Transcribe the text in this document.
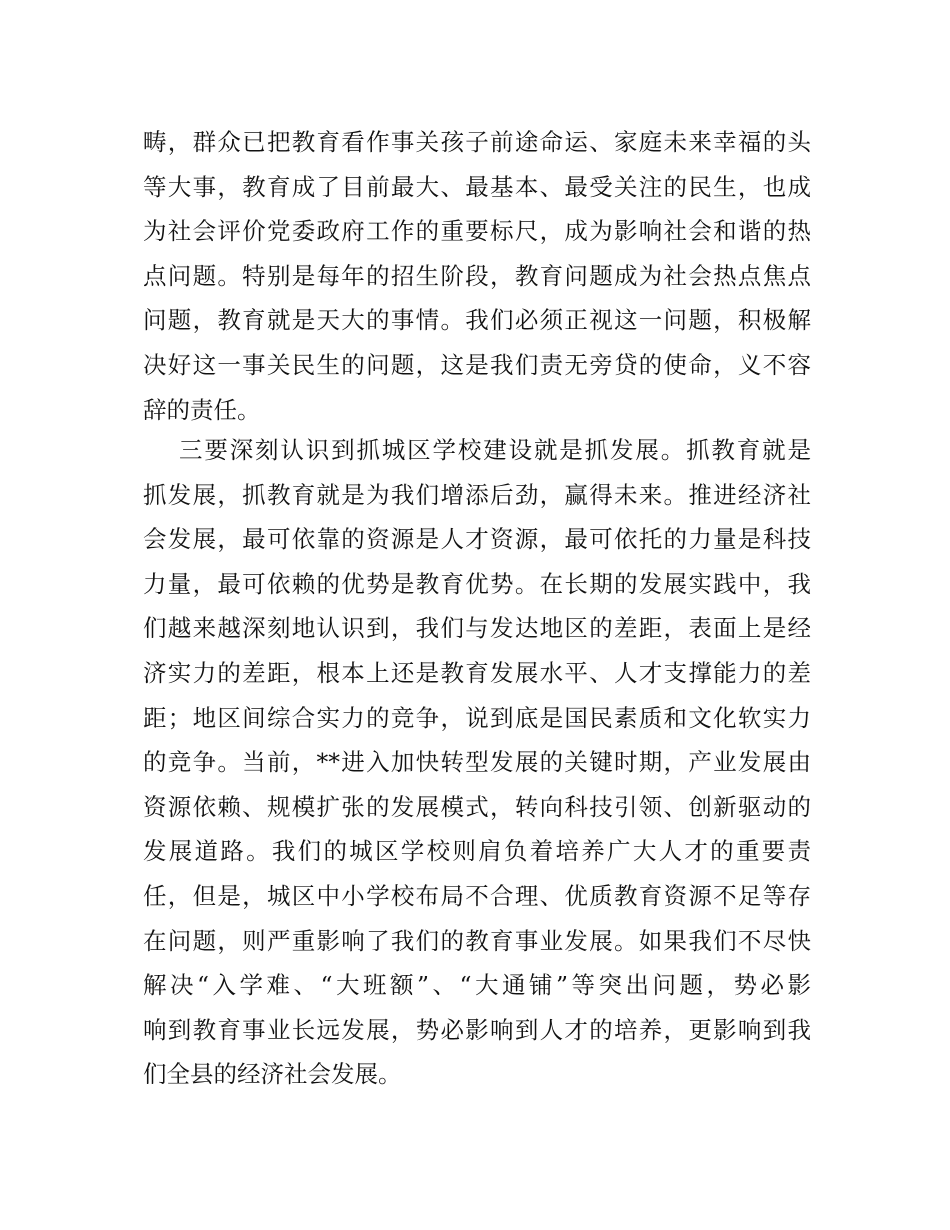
畴，群众已把教育看作事关孩子前途命运、家庭未来幸福的头
等大事，教育成了目前最大、最基本、最受关注的民生，也成
为社会评价党委政府工作的重要标尺，成为影响社会和谐的热
点问题。特别是每年的招生阶段，教育问题成为社会热点焦点
问题，教育就是天大的事情。我们必须正视这一问题，积极解
决好这一事关民生的问题，这是我们责无旁贷的使命，义不容
辞的责任。
三要深刻认识到抓城区学校建设就是抓发展。抓教育就是
抓发展，抓教育就是为我们增添后劲，赢得未来。推进经济社
会发展，最可依靠的资源是人才资源，最可依托的力量是科技
力量，最可依赖的优势是教育优势。在长期的发展实践中，我
们越来越深刻地认识到，我们与发达地区的差距，表面上是经
济实力的差距，根本上还是教育发展水平、人才支撑能力的差
距；地区间综合实力的竞争，说到底是国民素质和文化软实力
的竞争。当前，**进入加快转型发展的关键时期，产业发展由
资源依赖、规模扩张的发展模式，转向科技引领、创新驱动的
发展道路。我们的城区学校则肩负着培养广大人才的重要责
任，但是，城区中小学校布局不合理、优质教育资源不足等存
在问题，则严重影响了我们的教育事业发展。如果我们不尽快
解决“入学难、“大班额”、“大通铺”等突出问题，势必影
响到教育事业长远发展，势必影响到人才的培养，更影响到我
们全县的经济社会发展。
